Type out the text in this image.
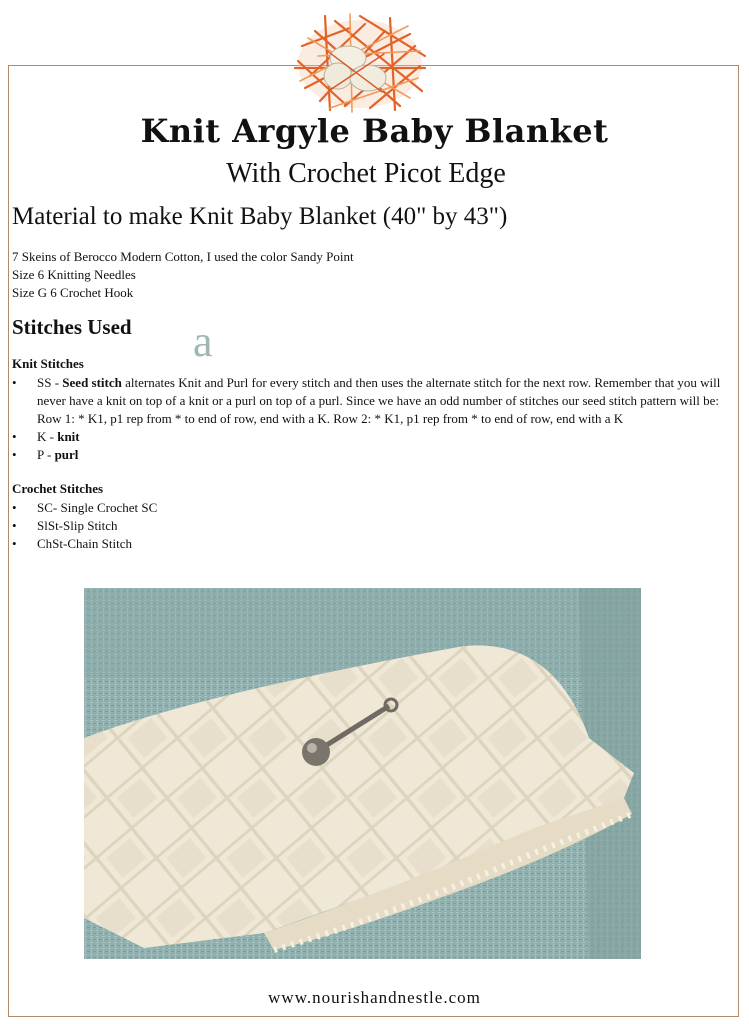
Knit Argyle Baby Blanket
With Crochet Picot Edge
Material to make Knit Baby Blanket (40" by 43")
7 Skeins of Berocco Modern Cotton, I used the color Sandy Point
Size 6 Knitting Needles
Size G 6 Crochet Hook
Stitches Used a
Knit Stitches
• SS - Seed stitch alternates Knit and Purl for every stitch and then uses the alternate stitch for the next row. Remember that you will never have a knit on top of a knit or a purl on top of a purl. Since we have an odd number of stitches our seed stitch pattern will be: Row 1: * K1, p1 rep from * to end of row, end with a K. Row 2: * K1, p1 rep from * to end of row, end with a K
• K - knit
• P - purl
Crochet Stitches
• SC- Single Crochet SC
• SlSt-Slip Stitch
• ChSt-Chain Stitch
www.nourishandnestle.com
